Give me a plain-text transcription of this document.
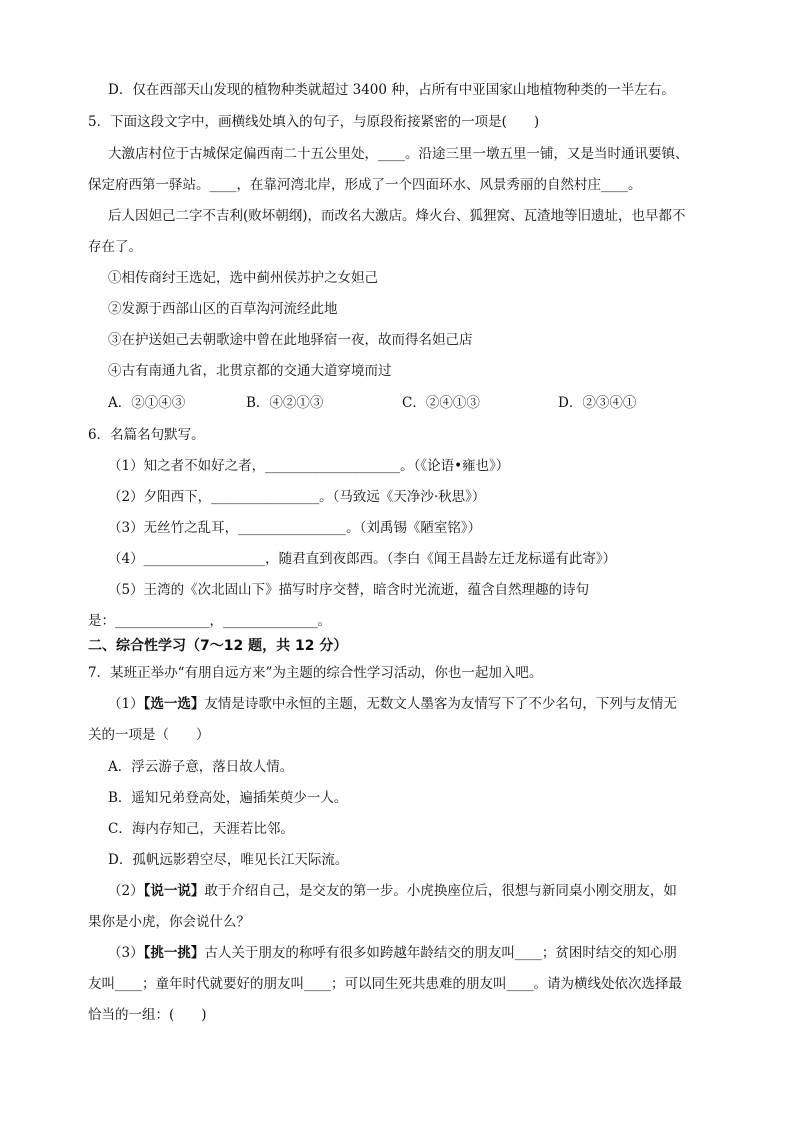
D．仅在西部天山发现的植物种类就超过 3400 种，占所有中亚国家山地植物种类的一半左右。
5．下面这段文字中，画横线处填入的句子，与原段衔接紧密的一项是(　　)
大激店村位于古城保定偏西南二十五公里处，____。沿途三里一墩五里一铺，又是当时通讯要镇、
保定府西第一驿站。____，在靠河湾北岸，形成了一个四面环水、风景秀丽的自然村庄____。
后人因妲己二字不吉利(败坏朝纲)，而改名大激店。烽火台、狐狸窝、瓦渣地等旧遗址，也早都不
存在了。
①相传商纣王选妃，选中蓟州侯苏护之女妲己
②发源于西部山区的百草沟河流经此地
③在护送妲己去朝歌途中曾在此地驿宿一夜，故而得名妲己店
④古有南通九省，北贯京都的交通大道穿境而过
A．②①④③	B．④②①③	C．②④①③	D．②③④①
6．名篇名句默写。
（1）知之者不如好之者，____________________。（《论语•雍也》）
（2）夕阳西下，________________。（马致远《天净沙·秋思》）
（3）无丝竹之乱耳，________________。（刘禹锡《陋室铭》）
（4）__________________，随君直到夜郎西。（李白《闻王昌龄左迁龙标遥有此寄》）
（5）王湾的《次北固山下》描写时序交替，暗含时光流逝，蕴含自然理趣的诗句
是：______________，______________。
二、综合性学习（7～12 题，共 12 分）
7．某班正举办“有朋自远方来”为主题的综合性学习活动，你也一起加入吧。
（1）【选一选】友情是诗歌中永恒的主题，无数文人墨客为友情写下了不少名句，下列与友情无
关的一项是（　　）
A．浮云游子意，落日故人情。
B．遥知兄弟登高处，遍插茱萸少一人。
C．海内存知己，天涯若比邻。
D．孤帆远影碧空尽，唯见长江天际流。
（2）【说一说】敢于介绍自己，是交友的第一步。小虎换座位后，很想与新同桌小刚交朋友，如
果你是小虎，你会说什么？
（3）【挑一挑】古人关于朋友的称呼有很多如跨越年龄结交的朋友叫____；贫困时结交的知心朋
友叫____；童年时代就要好的朋友叫____；可以同生死共患难的朋友叫____。请为横线处依次选择最
恰当的一组：(　　)
